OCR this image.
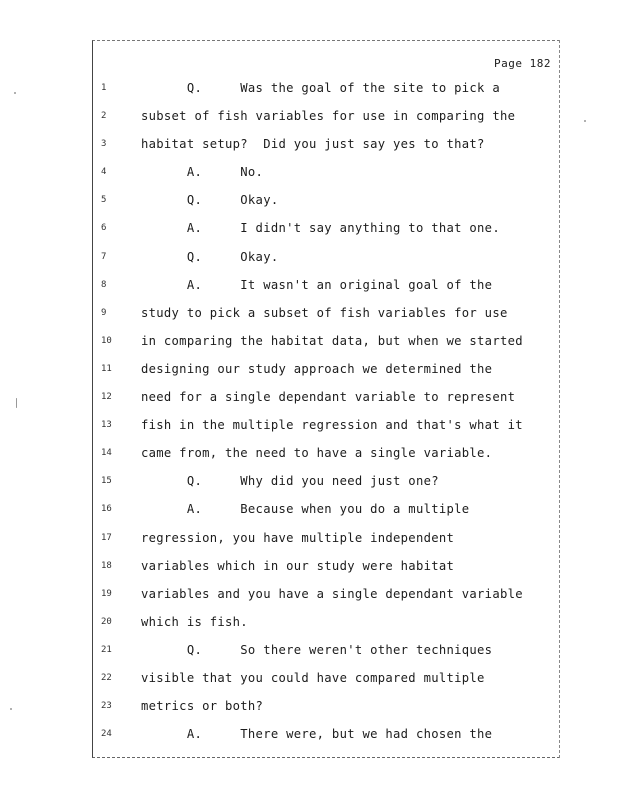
Page 182
1	Q.     Was the goal of the site to pick a
2	subset of fish variables for use in comparing the
3	habitat setup?  Did you just say yes to that?
4	A.     No.
5	Q.     Okay.
6	A.     I didn't say anything to that one.
7	Q.     Okay.
8	A.     It wasn't an original goal of the
9	study to pick a subset of fish variables for use
10	in comparing the habitat data, but when we started
11	designing our study approach we determined the
12	need for a single dependant variable to represent
13	fish in the multiple regression and that's what it
14	came from, the need to have a single variable.
15	Q.     Why did you need just one?
16	A.     Because when you do a multiple
17	regression, you have multiple independent
18	variables which in our study were habitat
19	variables and you have a single dependant variable
20	which is fish.
21	Q.     So there weren't other techniques
22	visible that you could have compared multiple
23	metrics or both?
24	A.     There were, but we had chosen the
